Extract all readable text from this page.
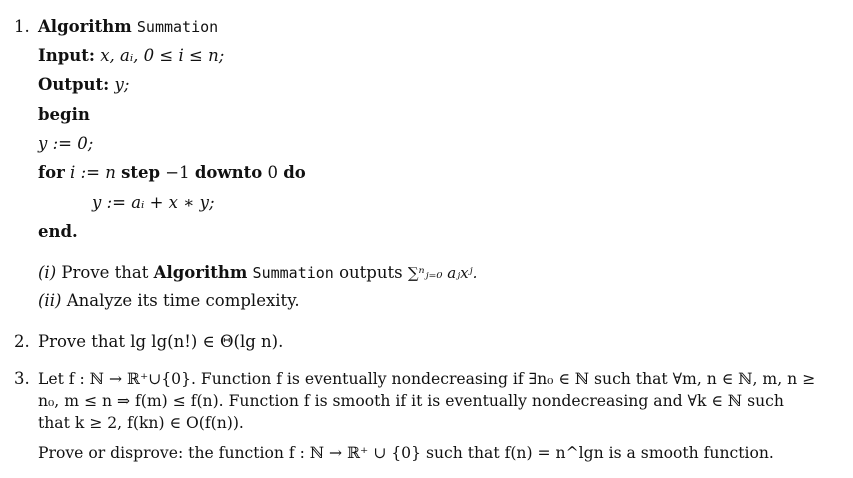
1. Algorithm Summation
Input: x, aᵢ, 0 ≤ i ≤ n;
Output: y;
begin
y := 0;
for i := n step −1 downto 0 do
y := aᵢ + x ∗ y;
end.
(i) Prove that Algorithm Summation outputs ∑ⁿⱼ₌₀ aⱼxʲ.
(ii) Analyze its time complexity.
2. Prove that lg lg(n!) ∈ Θ(lg n).
3. Let f : ℕ → ℝ⁺∪{0}. Function f is eventually nondecreasing if ∃n₀ ∈ ℕ such that ∀m, n ∈ ℕ, m, n ≥
n₀, m ≤ n ⇒ f(m) ≤ f(n). Function f is smooth if it is eventually nondecreasing and ∀k ∈ ℕ such
that k ≥ 2, f(kn) ∈ O(f(n)).
Prove or disprove: the function f : ℕ → ℝ⁺ ∪ {0} such that f(n) = n^lgn is a smooth function.
